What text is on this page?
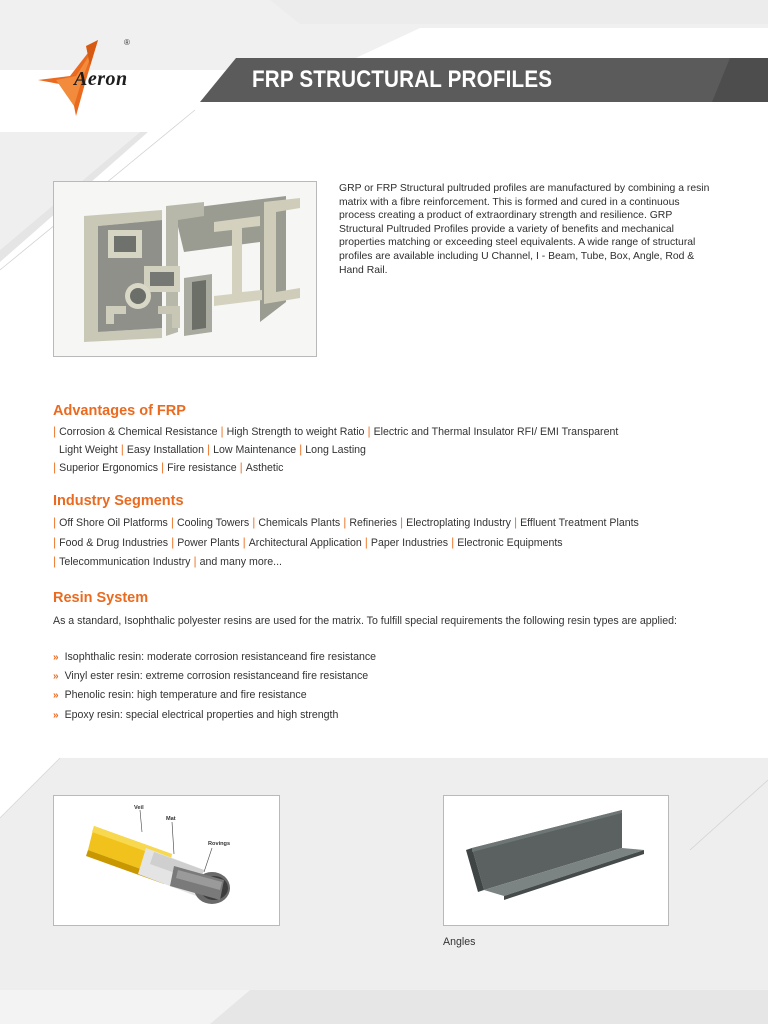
Aeron
®
FRP STRUCTURAL PROFILES
GRP or FRP Structural pultruded profiles are manufactured by combining a resin matrix with a fibre reinforcement. This is formed and cured in a continuous process creating a product of extraordinary strength and resilience. GRP Structural Pultruded Profiles provide a variety of benefits and mechanical properties matching or exceeding steel equivalents. A wide range of structural profiles are available including U Channel, I - Beam, Tube, Box, Angle, Rod & Hand Rail.
Advantages of FRP
| Corrosion & Chemical Resistance | High Strength to weight Ratio | Electric and Thermal Insulator RFI/ EMI Transparent
Light Weight | Easy Installation | Low Maintenance | Long Lasting
| Superior Ergonomics | Fire resistance | Asthetic
Industry Segments
| Off Shore Oil Platforms | Cooling Towers | Chemicals Plants | Refineries | Electroplating Industry | Effluent Treatment Plants
| Food & Drug Industries | Power Plants | Architectural Application | Paper Industries | Electronic Equipments
| Telecommunication Industry | and many more...
Resin System
As a standard, Isophthalic polyester resins are used for the matrix. To fulfill special requirements the following resin types are applied:
» Isophthalic resin: moderate corrosion resistanceand fire resistance
» Vinyl ester resin: extreme corrosion resistanceand fire resistance
» Phenolic resin: high temperature and fire resistance
» Epoxy resin: special electrical properties and high strength
Veil
Mat
Rovings
Angles
